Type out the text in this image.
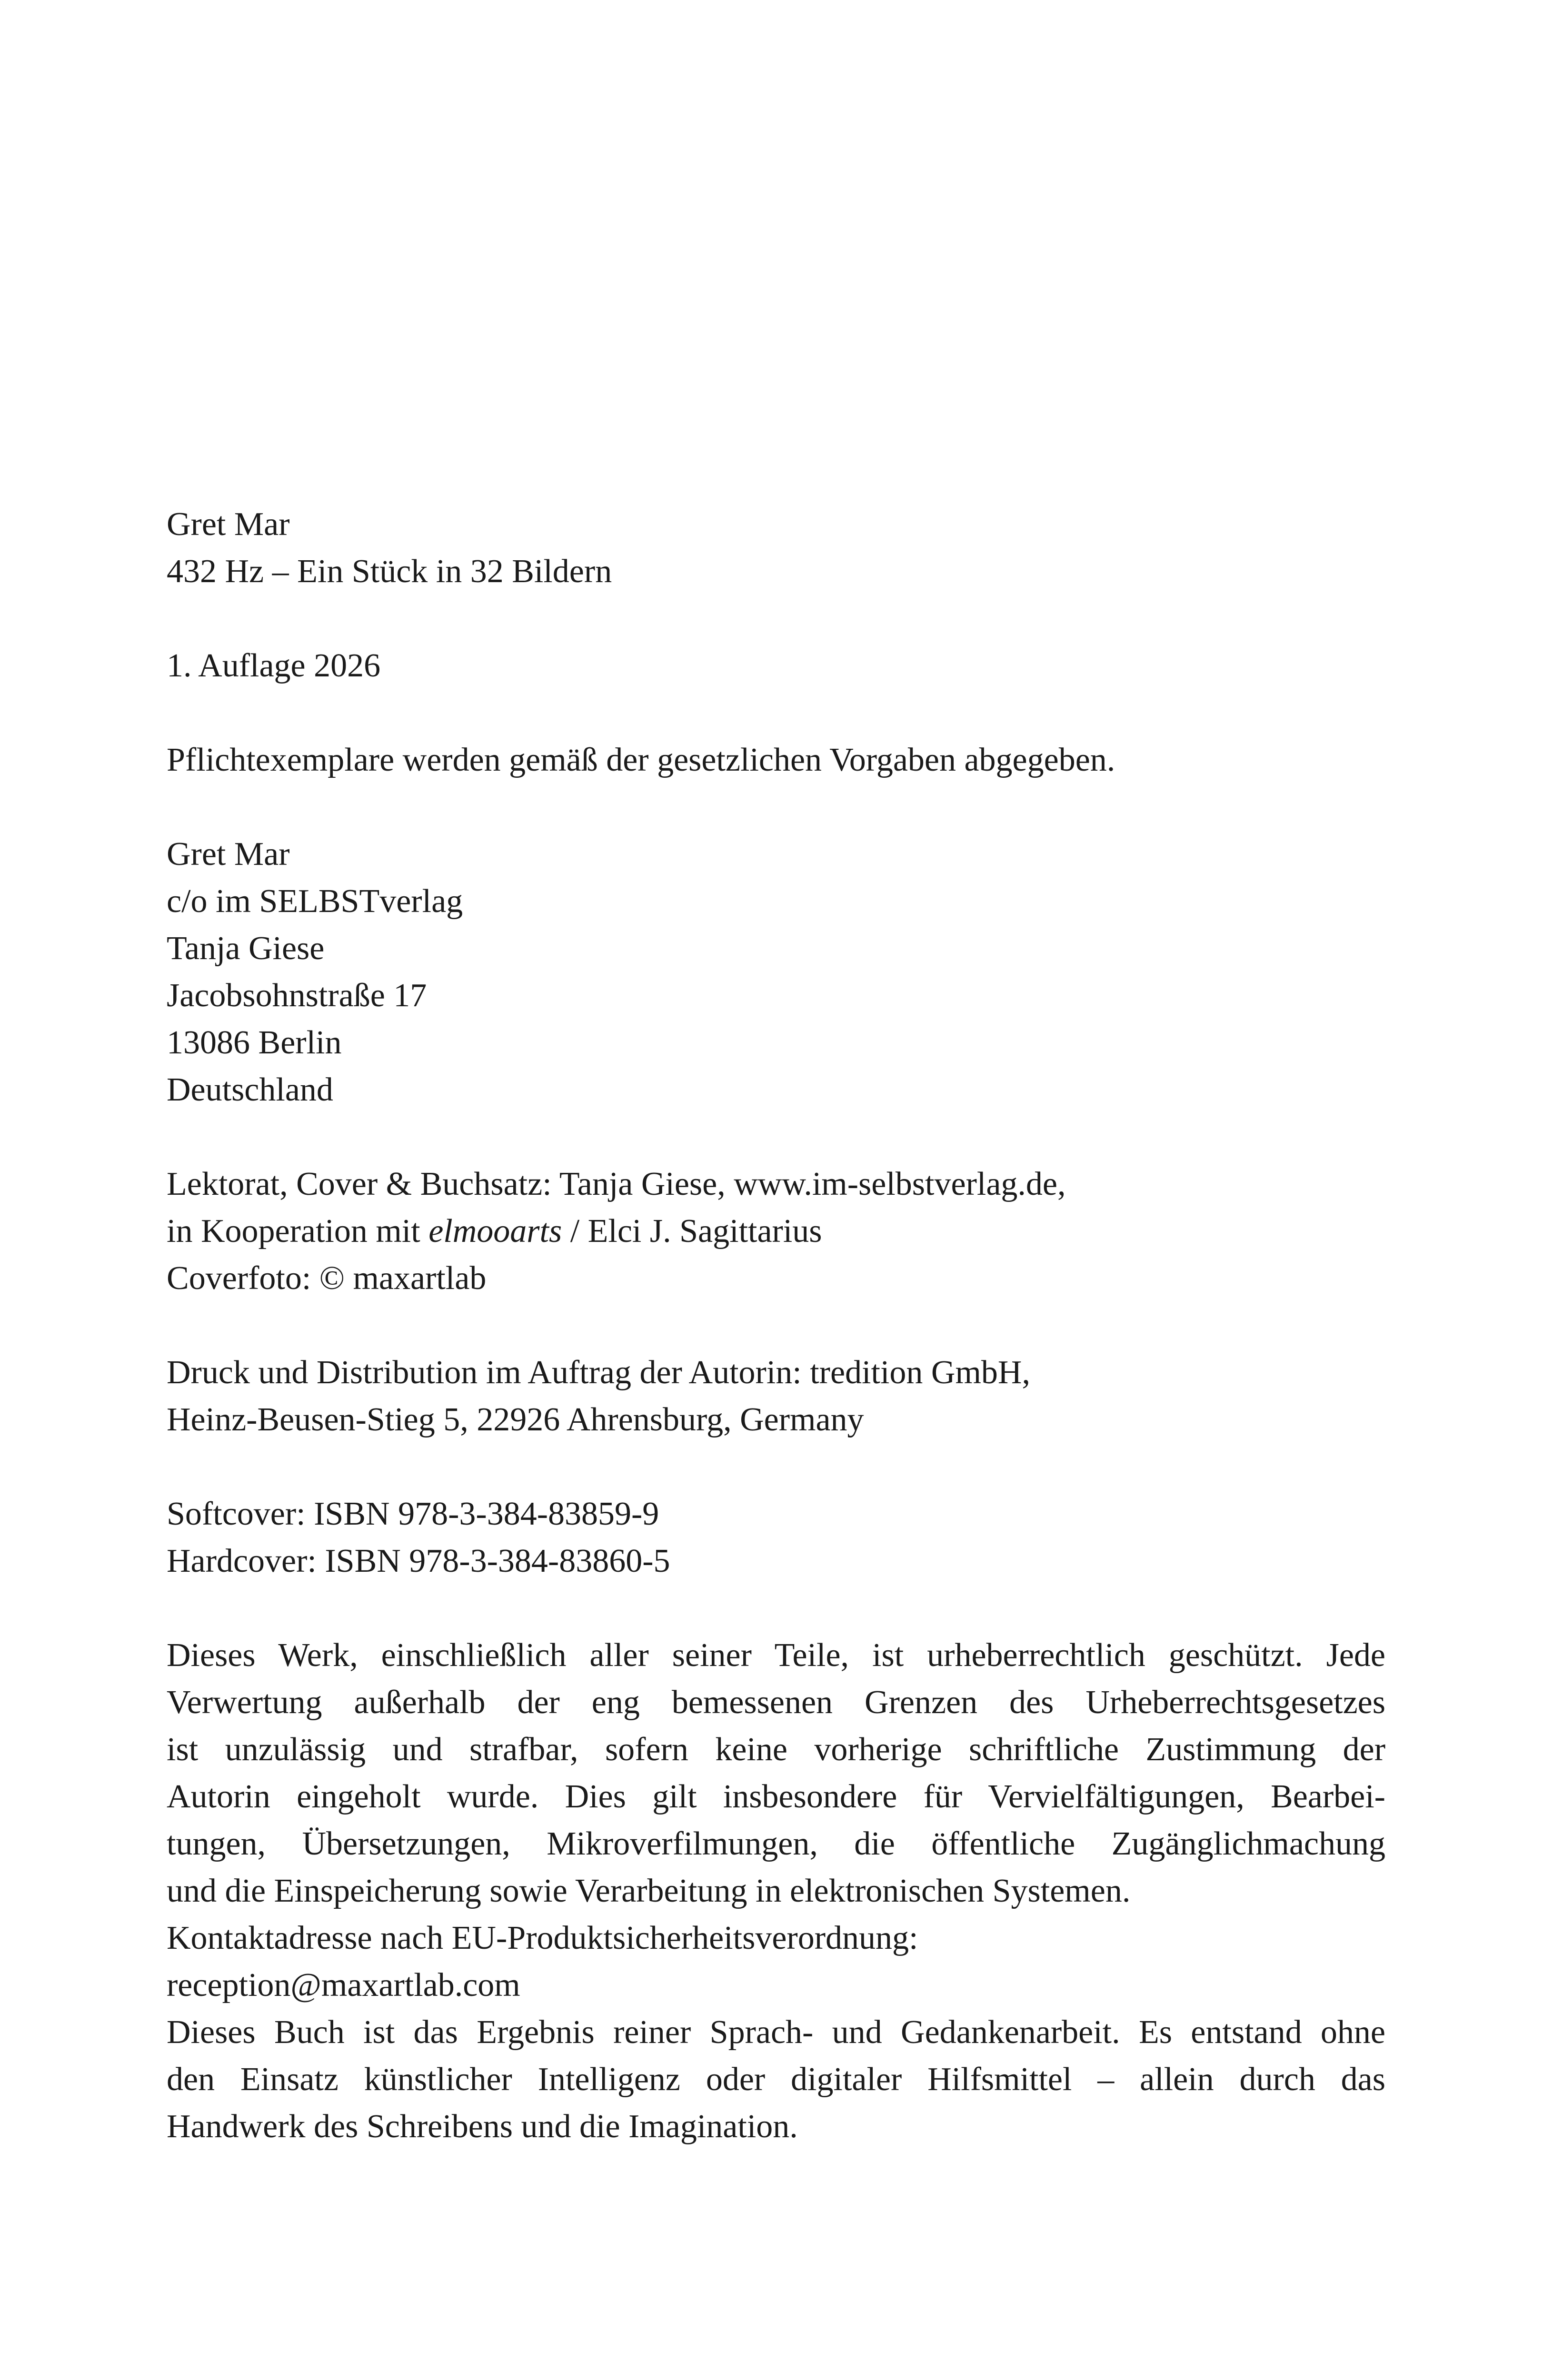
Gret Mar
432 Hz – Ein Stück in 32 Bildern
1. Auflage 2026
Pflichtexemplare werden gemäß der gesetzlichen Vorgaben abgegeben.
Gret Mar
c/o im SELBSTverlag
Tanja Giese
Jacobsohnstraße 17
13086 Berlin
Deutschland
Lektorat, Cover & Buchsatz: Tanja Giese, www.im-selbstverlag.de,
in Kooperation mit elmooarts / Elci J. Sagittarius
Coverfoto: © maxartlab
Druck und Distribution im Auftrag der Autorin: tredition GmbH,
Heinz-Beusen-Stieg 5, 22926 Ahrensburg, Germany
Softcover: ISBN 978-3-384-83859-9
Hardcover: ISBN 978-3-384-83860-5
Dieses Werk, einschließlich aller seiner Teile, ist urheberrechtlich geschützt. Jede
Verwertung außerhalb der eng bemessenen Grenzen des Urheberrechtsgesetzes
ist unzulässig und strafbar, sofern keine vorherige schriftliche Zustimmung der
Autorin eingeholt wurde. Dies gilt insbesondere für Vervielfältigungen, Bearbei-
tungen, Übersetzungen, Mikroverfilmungen, die öffentliche Zugänglichmachung
und die Einspeicherung sowie Verarbeitung in elektronischen Systemen.
Kontaktadresse nach EU-Produktsicherheitsverordnung:
reception@maxartlab.com
Dieses Buch ist das Ergebnis reiner Sprach- und Gedankenarbeit. Es entstand ohne
den Einsatz künstlicher Intelligenz oder digitaler Hilfsmittel – allein durch das
Handwerk des Schreibens und die Imagination.
